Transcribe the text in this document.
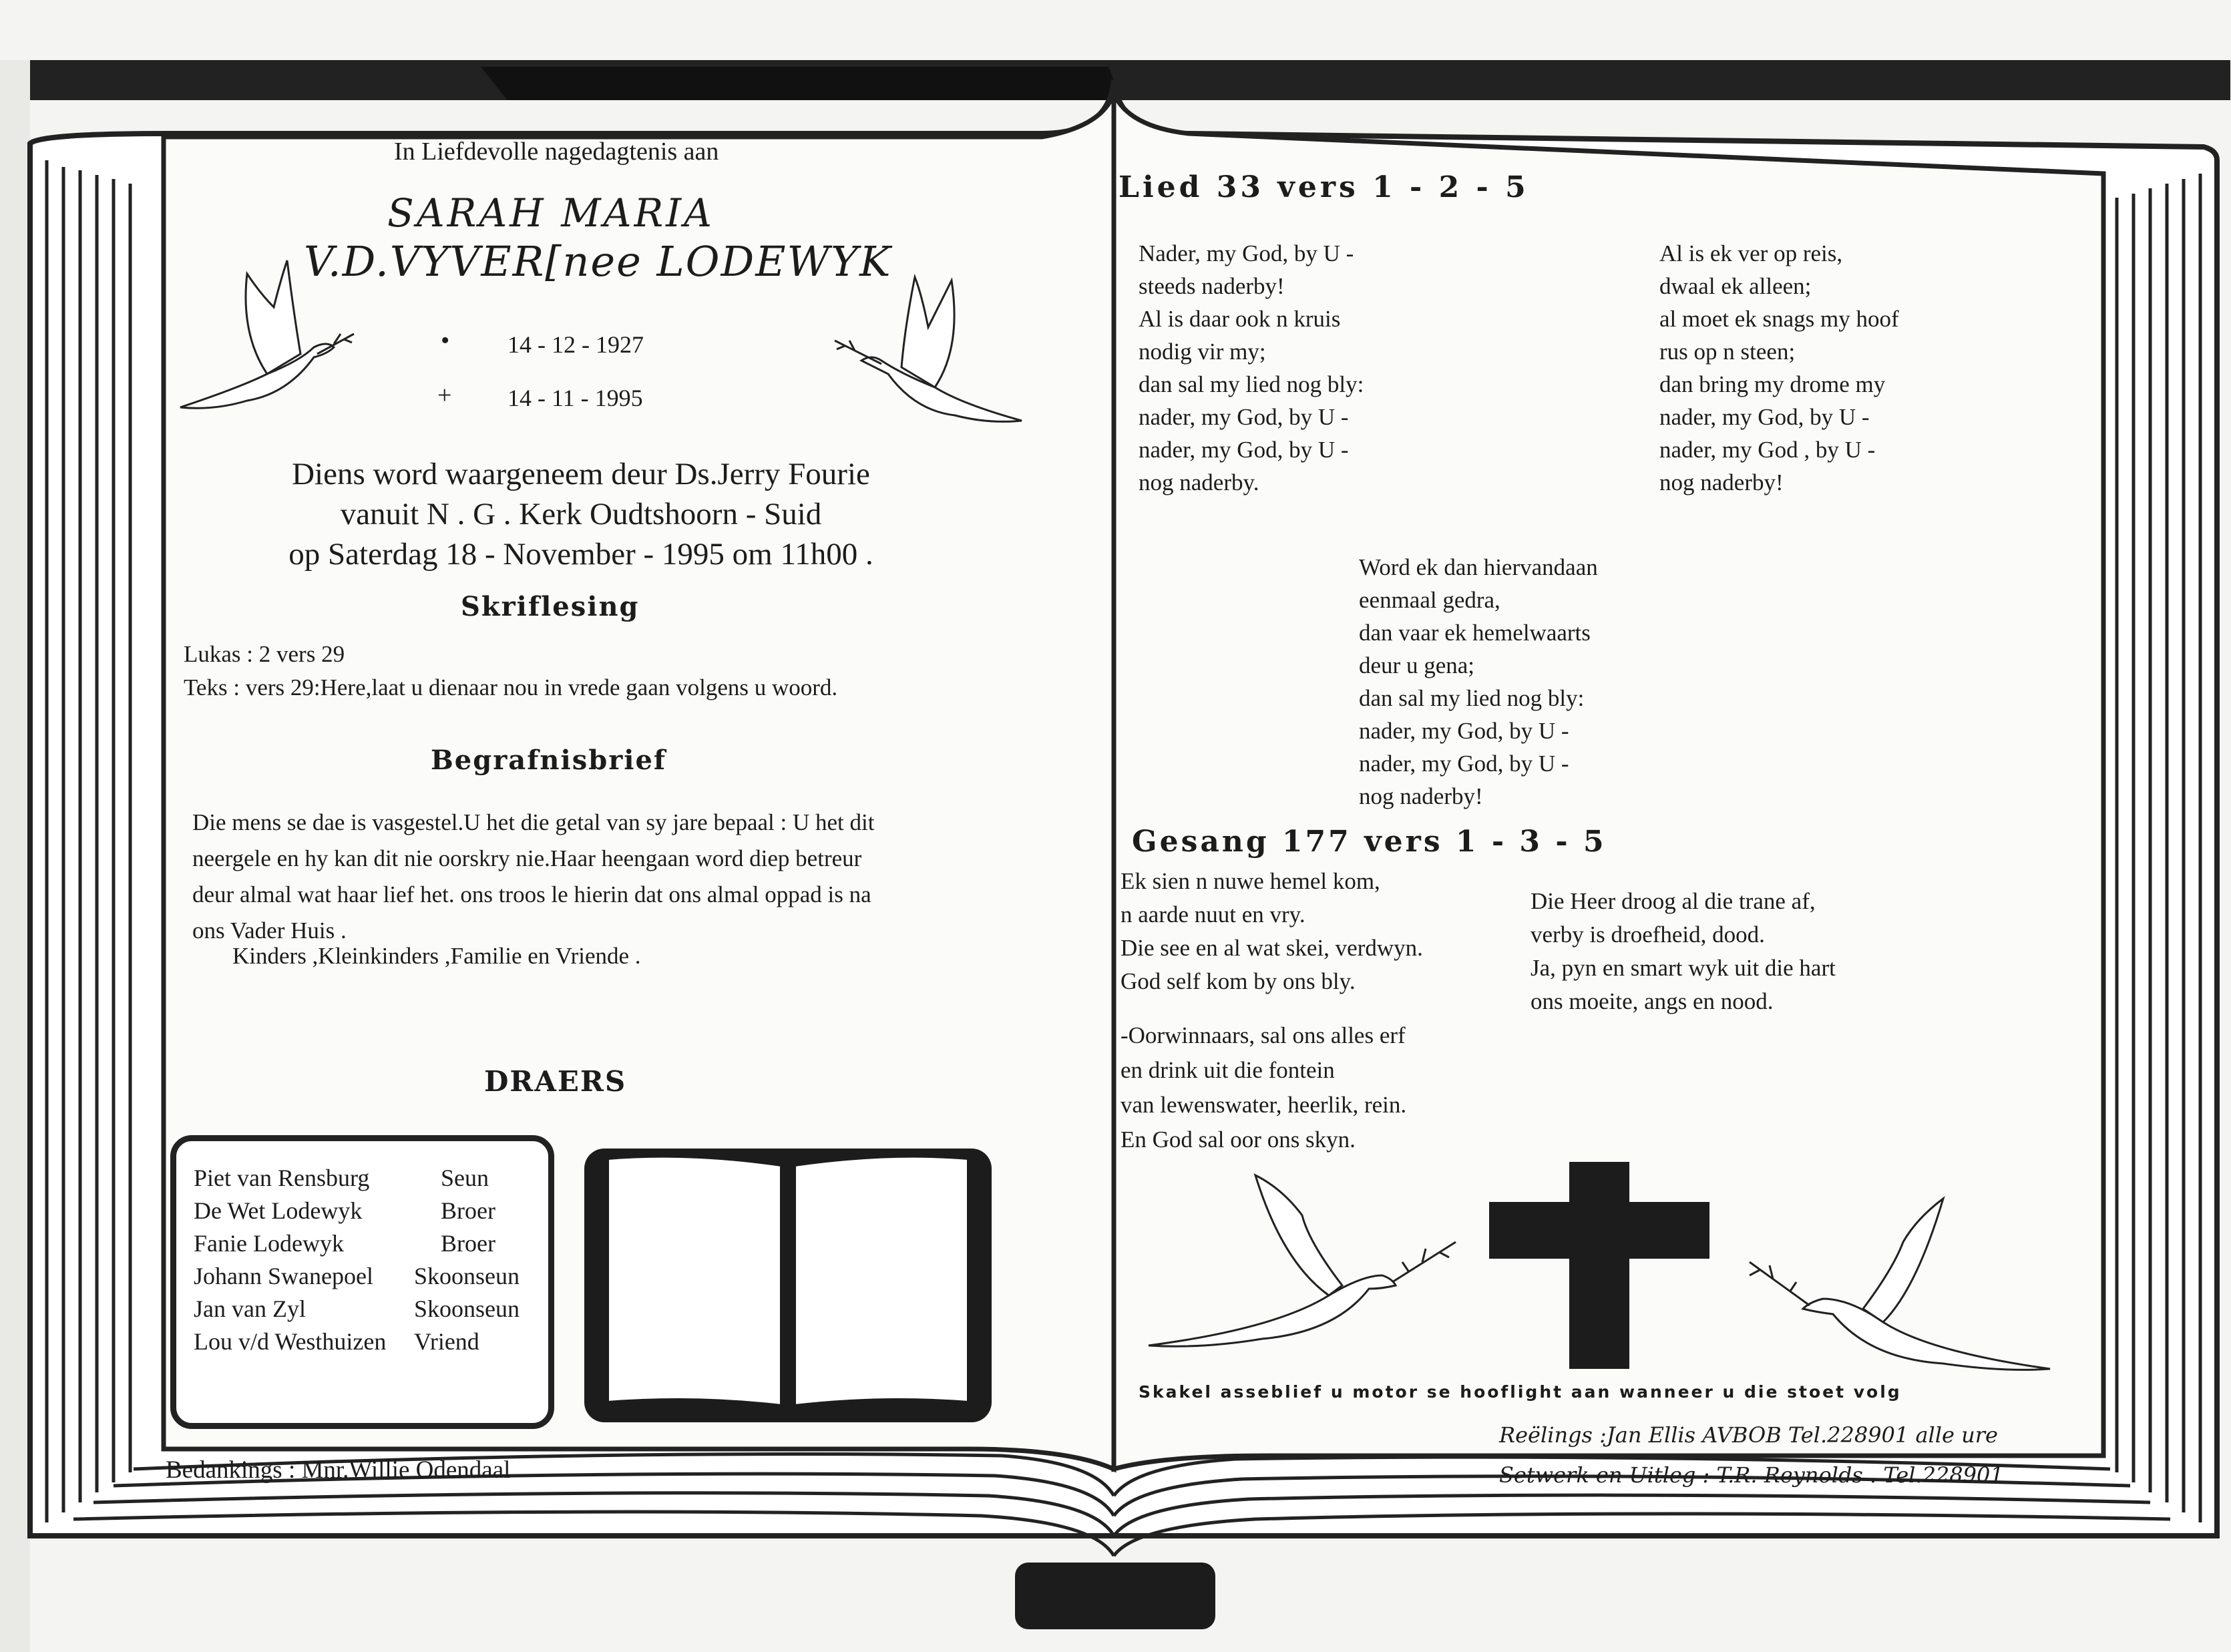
In Liefdevolle nagedagtenis aan
SARAH MARIA
V.D.VYVER[nee LODEWYK
• 14 - 12 - 1927
+ 14 - 11 - 1995
Diens word waargeneem deur Ds.Jerry Fourie
vanuit N . G . Kerk Oudtshoorn - Suid
op Saterdag 18 - November - 1995 om 11h00 .
Skriflesing
Lukas : 2 vers 29
Teks : vers 29:Here,laat u dienaar nou in vrede gaan volgens u woord.
Begrafnisbrief
Die mens se dae is vasgestel.U het die getal van sy jare bepaal : U het dit
neergele en hy kan dit nie oorskry nie.Haar heengaan word diep betreur
deur almal wat haar lief het. ons troos le hierin dat ons almal oppad is na
ons Vader Huis .
Kinders ,Kleinkinders ,Familie en Vriende .
DRAERS
Piet van Rensburg	Seun
De Wet Lodewyk	Broer
Fanie Lodewyk	Broer
Johann Swanepoel Skoonseun
Jan van Zyl	Skoonseun
Lou v/d Westhuizen Vriend
Bedankings : Mnr.Willie Odendaal
Lied 33 vers 1 - 2 - 5
Nader, my God, by U -
steeds naderby!
Al is daar ook n kruis
nodig vir my;
dan sal my lied nog bly:
nader, my God, by U -
nader, my God, by U -
nog naderby.
Al is ek ver op reis,
dwaal ek alleen;
al moet ek snags my hoof
rus op n steen;
dan bring my drome my
nader, my God, by U -
nader, my God , by U -
nog naderby!
Word ek dan hiervandaan
eenmaal gedra,
dan vaar ek hemelwaarts
deur u gena;
dan sal my lied nog bly:
nader, my God, by U -
nader, my God, by U -
nog naderby!
Gesang 177 vers 1 - 3 - 5
Ek sien n nuwe hemel kom,
n aarde nuut en vry.
Die see en al wat skei, verdwyn.
God self kom by ons bly.
Die Heer droog al die trane af,
verby is droefheid, dood.
Ja, pyn en smart wyk uit die hart
ons moeite, angs en nood.
-Oorwinnaars, sal ons alles erf
en drink uit die fontein
van lewenswater, heerlik, rein.
En God sal oor ons skyn.
Skakel asseblief u motor se hooflight aan wanneer u die stoet volg
Reëlings :Jan Ellis AVBOB Tel.228901 alle ure
Setwerk en Uitleg : T.R. Reynolds . Tel.228901
